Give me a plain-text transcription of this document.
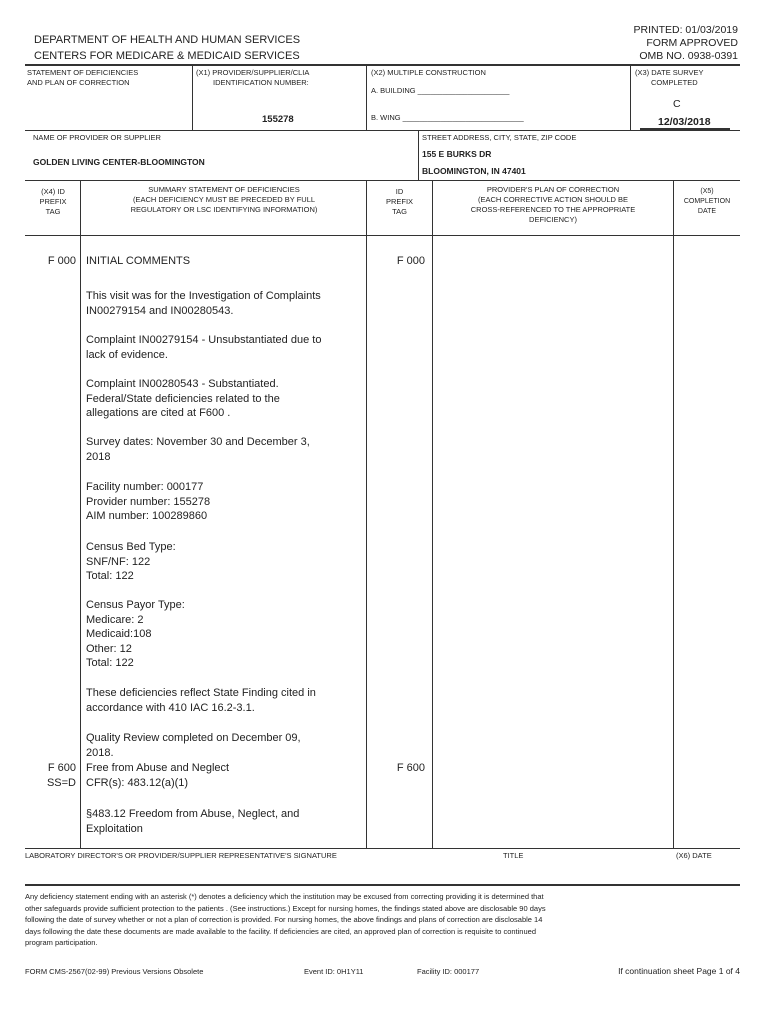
DEPARTMENT OF HEALTH AND HUMAN SERVICES
CENTERS FOR MEDICARE & MEDICAID SERVICES
PRINTED: 01/03/2019
FORM APPROVED
OMB NO. 0938-0391
STATEMENT OF DEFICIENCIES
AND PLAN OF CORRECTION
(X1) PROVIDER/SUPPLIER/CLIA
IDENTIFICATION NUMBER:
155278
(X2) MULTIPLE CONSTRUCTION
A. BUILDING ______________________
B. WING _____________________________
(X3) DATE SURVEY
COMPLETED
C
12/03/2018
NAME OF PROVIDER OR SUPPLIER
GOLDEN LIVING CENTER-BLOOMINGTON
STREET ADDRESS, CITY, STATE, ZIP CODE
155 E BURKS DR
BLOOMINGTON, IN 47401
(X4) ID
PREFIX
TAG
SUMMARY STATEMENT OF DEFICIENCIES
(EACH DEFICIENCY MUST BE PRECEDED BY FULL
REGULATORY OR LSC IDENTIFYING INFORMATION)
ID
PREFIX
TAG
PROVIDER'S PLAN OF CORRECTION
(EACH CORRECTIVE ACTION SHOULD BE
CROSS-REFERENCED TO THE APPROPRIATE
DEFICIENCY)
(X5)
COMPLETION
DATE
F 000 INITIAL COMMENTS	F 000
This visit was for the Investigation of Complaints
IN00279154 and IN00280543.
Complaint IN00279154 - Unsubstantiated due to
lack of evidence.
Complaint IN00280543 - Substantiated.
Federal/State deficiencies related to the
allegations are cited at F600 .
Survey dates: November 30 and December 3,
2018
Facility number: 000177
Provider number: 155278
AIM number: 100289860
Census Bed Type:
SNF/NF: 122
Total: 122
Census Payor Type:
Medicare: 2
Medicaid:108
Other: 12
Total: 122
These deficiencies reflect State Finding cited in
accordance with 410 IAC 16.2-3.1.
Quality Review completed on December 09,
2018.
F 600
SS=D
Free from Abuse and Neglect
CFR(s): 483.12(a)(1)
F 600
§483.12 Freedom from Abuse, Neglect, and
Exploitation
LABORATORY DIRECTOR'S OR PROVIDER/SUPPLIER REPRESENTATIVE'S SIGNATURE	TITLE	(X6) DATE
Any deficiency statement ending with an asterisk (*) denotes a deficiency which the institution may be excused from correcting providing it is determined that
other safeguards provide sufficient protection to the patients . (See instructions.) Except for nursing homes, the findings stated above are disclosable 90 days
following the date of survey whether or not a plan of correction is provided. For nursing homes, the above findings and plans of correction are disclosable 14
days following the date these documents are made available to the facility. If deficiencies are cited, an approved plan of correction is requisite to continued
program participation.
FORM CMS-2567(02-99) Previous Versions Obsolete	Event ID: 0H1Y11	Facility ID: 000177	If continuation sheet Page 1 of 4
